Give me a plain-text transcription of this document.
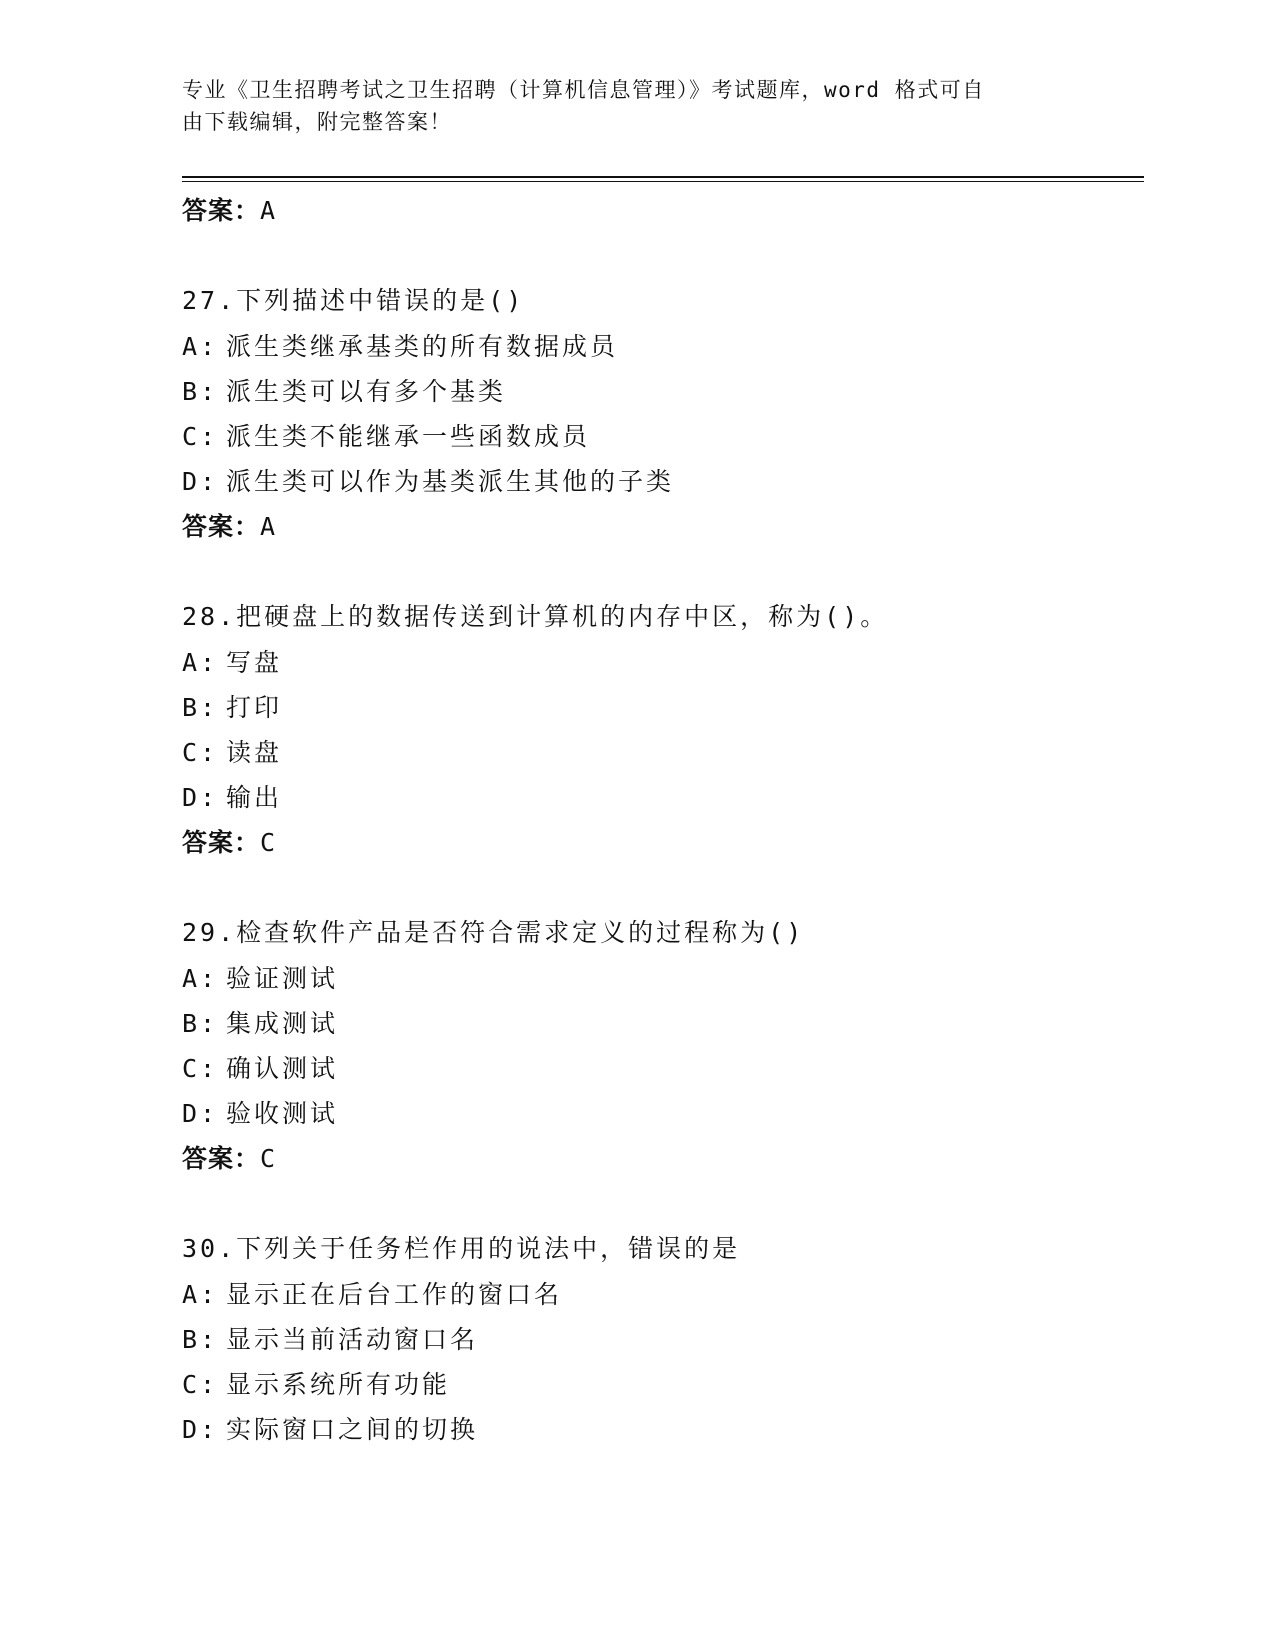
专业《卫生招聘考试之卫生招聘（计算机信息管理）》考试题库，word 格式可自
由下载编辑，附完整答案！
答案：A
27.下列描述中错误的是()
A: 派生类继承基类的所有数据成员
B: 派生类可以有多个基类
C: 派生类不能继承一些函数成员
D: 派生类可以作为基类派生其他的子类
答案：A
28.把硬盘上的数据传送到计算机的内存中区，称为()。
A: 写盘
B: 打印
C: 读盘
D: 输出
答案：C
29.检查软件产品是否符合需求定义的过程称为()
A: 验证测试
B: 集成测试
C: 确认测试
D: 验收测试
答案：C
30.下列关于任务栏作用的说法中，错误的是
A: 显示正在后台工作的窗口名
B: 显示当前活动窗口名
C: 显示系统所有功能
D: 实际窗口之间的切换
